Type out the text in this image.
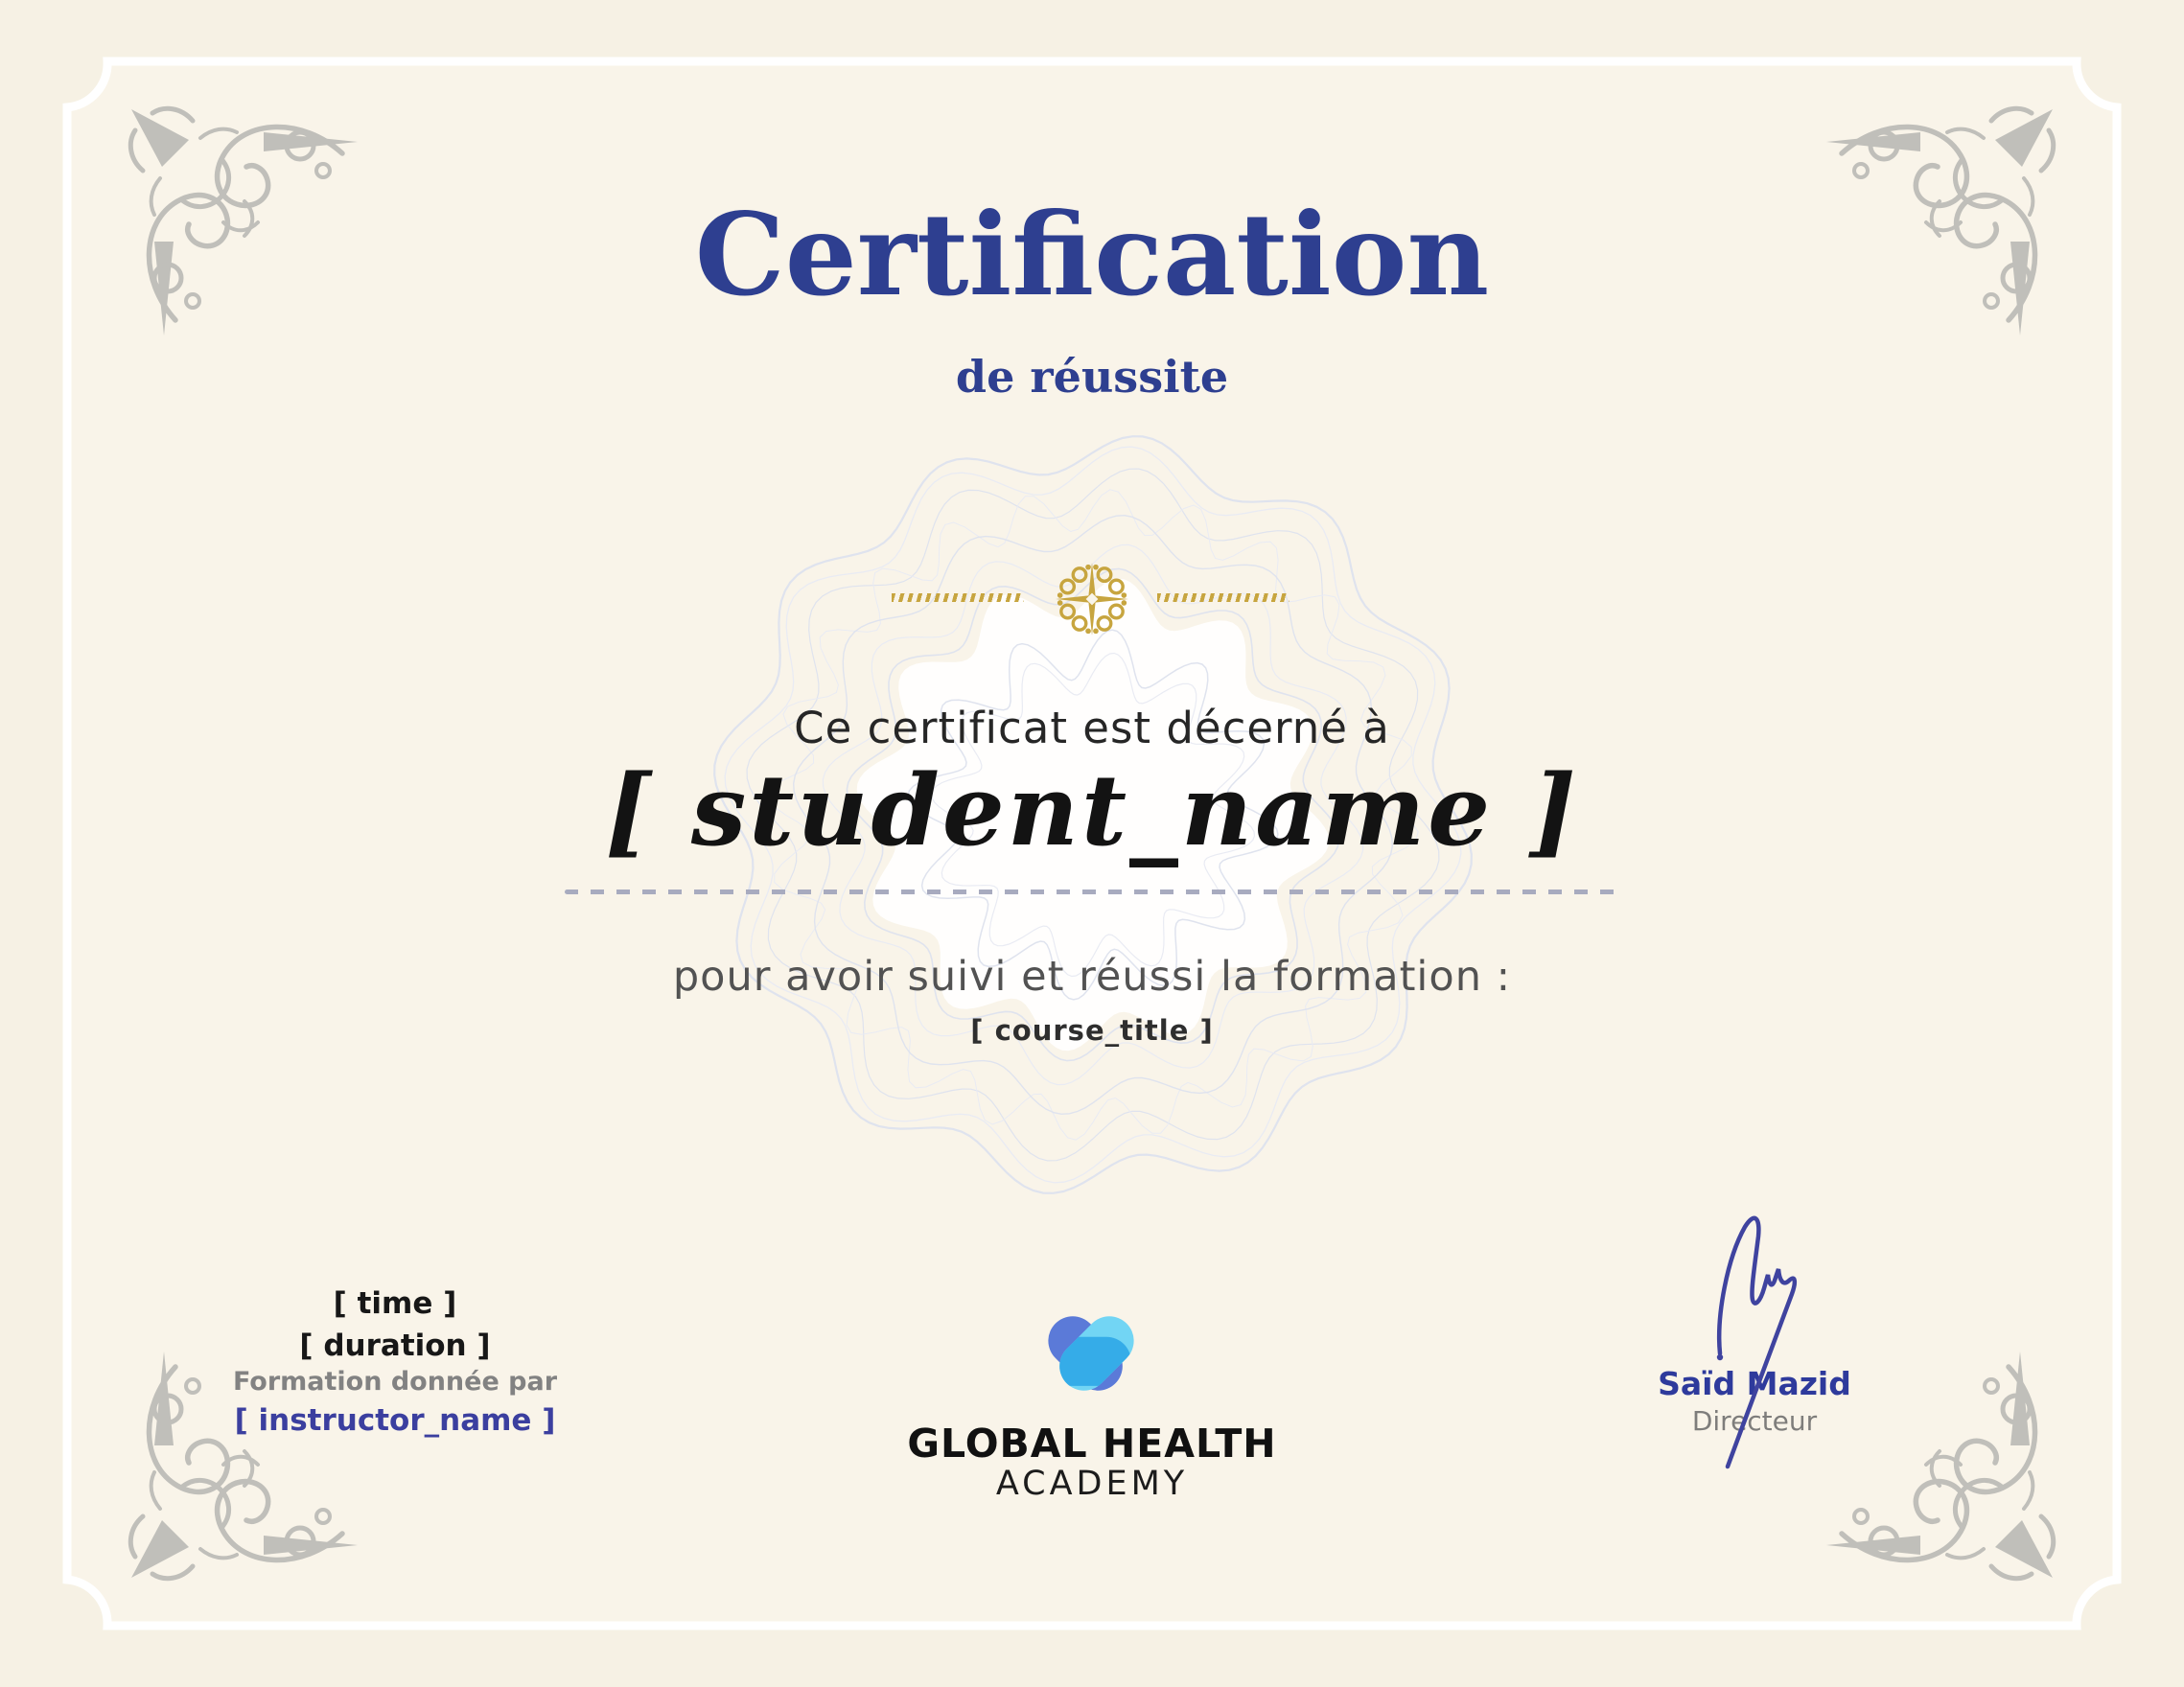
Certification
de réussite
Ce certificat est décerné à
[ student_name ]
pour avoir suivi et réussi la formation :
[ course_title ]
[ time ]
[ duration ]
Formation donnée par
[ instructor_name ]	GLOBAL HEALTH
ACADEMY
Saïd Mazid
Directeur
